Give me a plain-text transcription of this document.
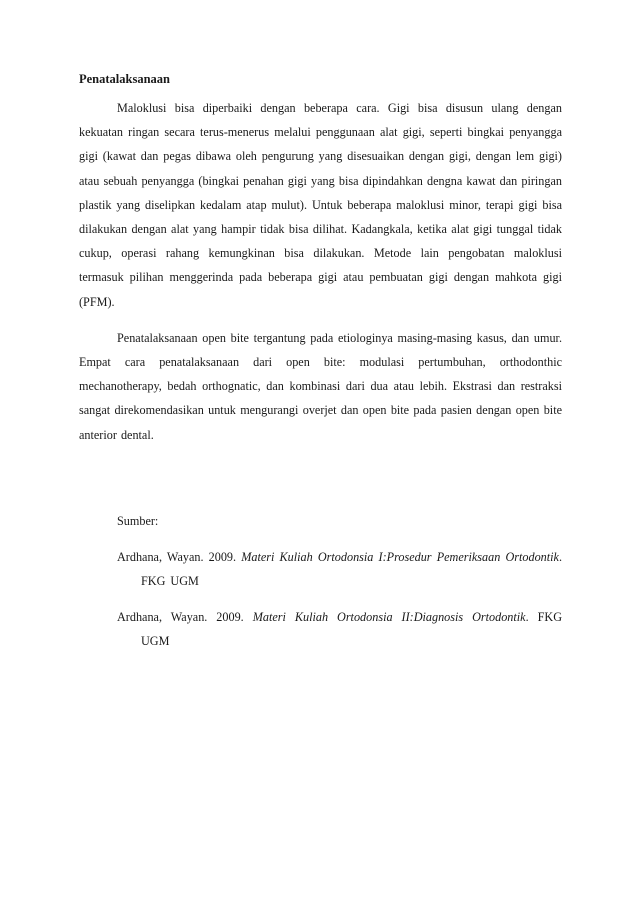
Penatalaksanaan

Maloklusi bisa diperbaiki dengan beberapa cara. Gigi bisa disusun ulang dengan kekuatan ringan secara terus-menerus melalui penggunaan alat gigi, seperti bingkai penyangga gigi (kawat dan pegas dibawa oleh pengurung yang disesuaikan dengan gigi, dengan lem gigi) atau sebuah penyangga (bingkai penahan gigi yang bisa dipindahkan dengna kawat dan piringan plastik yang diselipkan kedalam atap mulut). Untuk beberapa maloklusi minor, terapi gigi bisa dilakukan dengan alat yang hampir tidak bisa dilihat. Kadangkala, ketika alat gigi tunggal tidak cukup, operasi rahang kemungkinan bisa dilakukan. Metode lain pengobatan maloklusi termasuk pilihan menggerinda pada beberapa gigi atau pembuatan gigi dengan mahkota gigi (PFM).

Penatalaksanaan open bite tergantung pada etiologinya masing-masing kasus, dan umur. Empat cara penatalaksanaan dari open bite: modulasi pertumbuhan, orthodonthic mechanotherapy, bedah orthognatic, dan kombinasi dari dua atau lebih. Ekstrasi dan restraksi sangat direkomendasikan untuk mengurangi overjet dan open bite pada pasien dengan open bite anterior dental.

Sumber:

Ardhana, Wayan. 2009. Materi Kuliah Ortodonsia I:Prosedur Pemeriksaan Ortodontik. FKG UGM

Ardhana, Wayan. 2009. Materi Kuliah Ortodonsia II:Diagnosis Ortodontik. FKG UGM
